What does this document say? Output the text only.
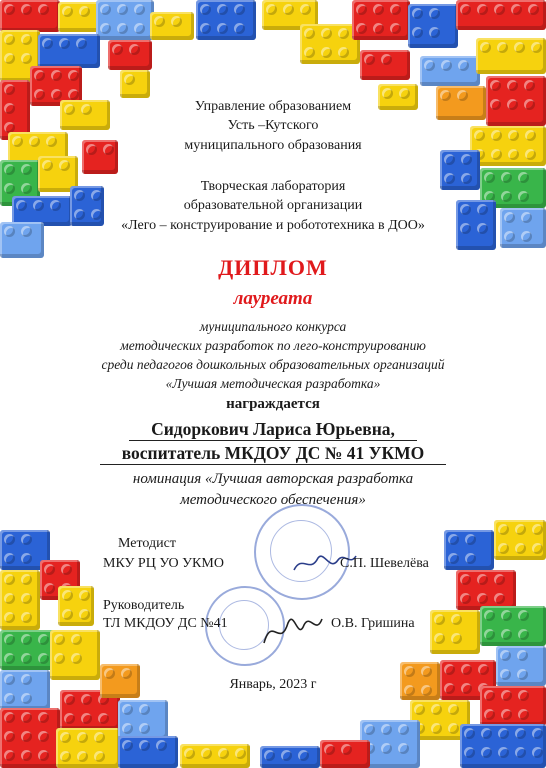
Управление образованием
Усть –Кутского
муниципального образования
Творческая лаборатория
образовательной организации
«Лего – конструирование и робототехника в ДОО»
ДИПЛОМ
лауреата
муниципального конкурса
методических разработок по лего-конструированию
среди педагогов дошкольных образовательных организаций
«Лучшая методическая разработка»
награждается
Сидоркович Лариса Юрьевна,
воспитатель МКДОУ ДС № 41 УКМО
номинация «Лучшая авторская разработка
методического обеспечения»
Методист
МКУ РЦ УО УКМО	С.П. Шевелёва
Руководитель
ТЛ МКДОУ ДС №41	О.В. Гришина
Январь, 2023 г
